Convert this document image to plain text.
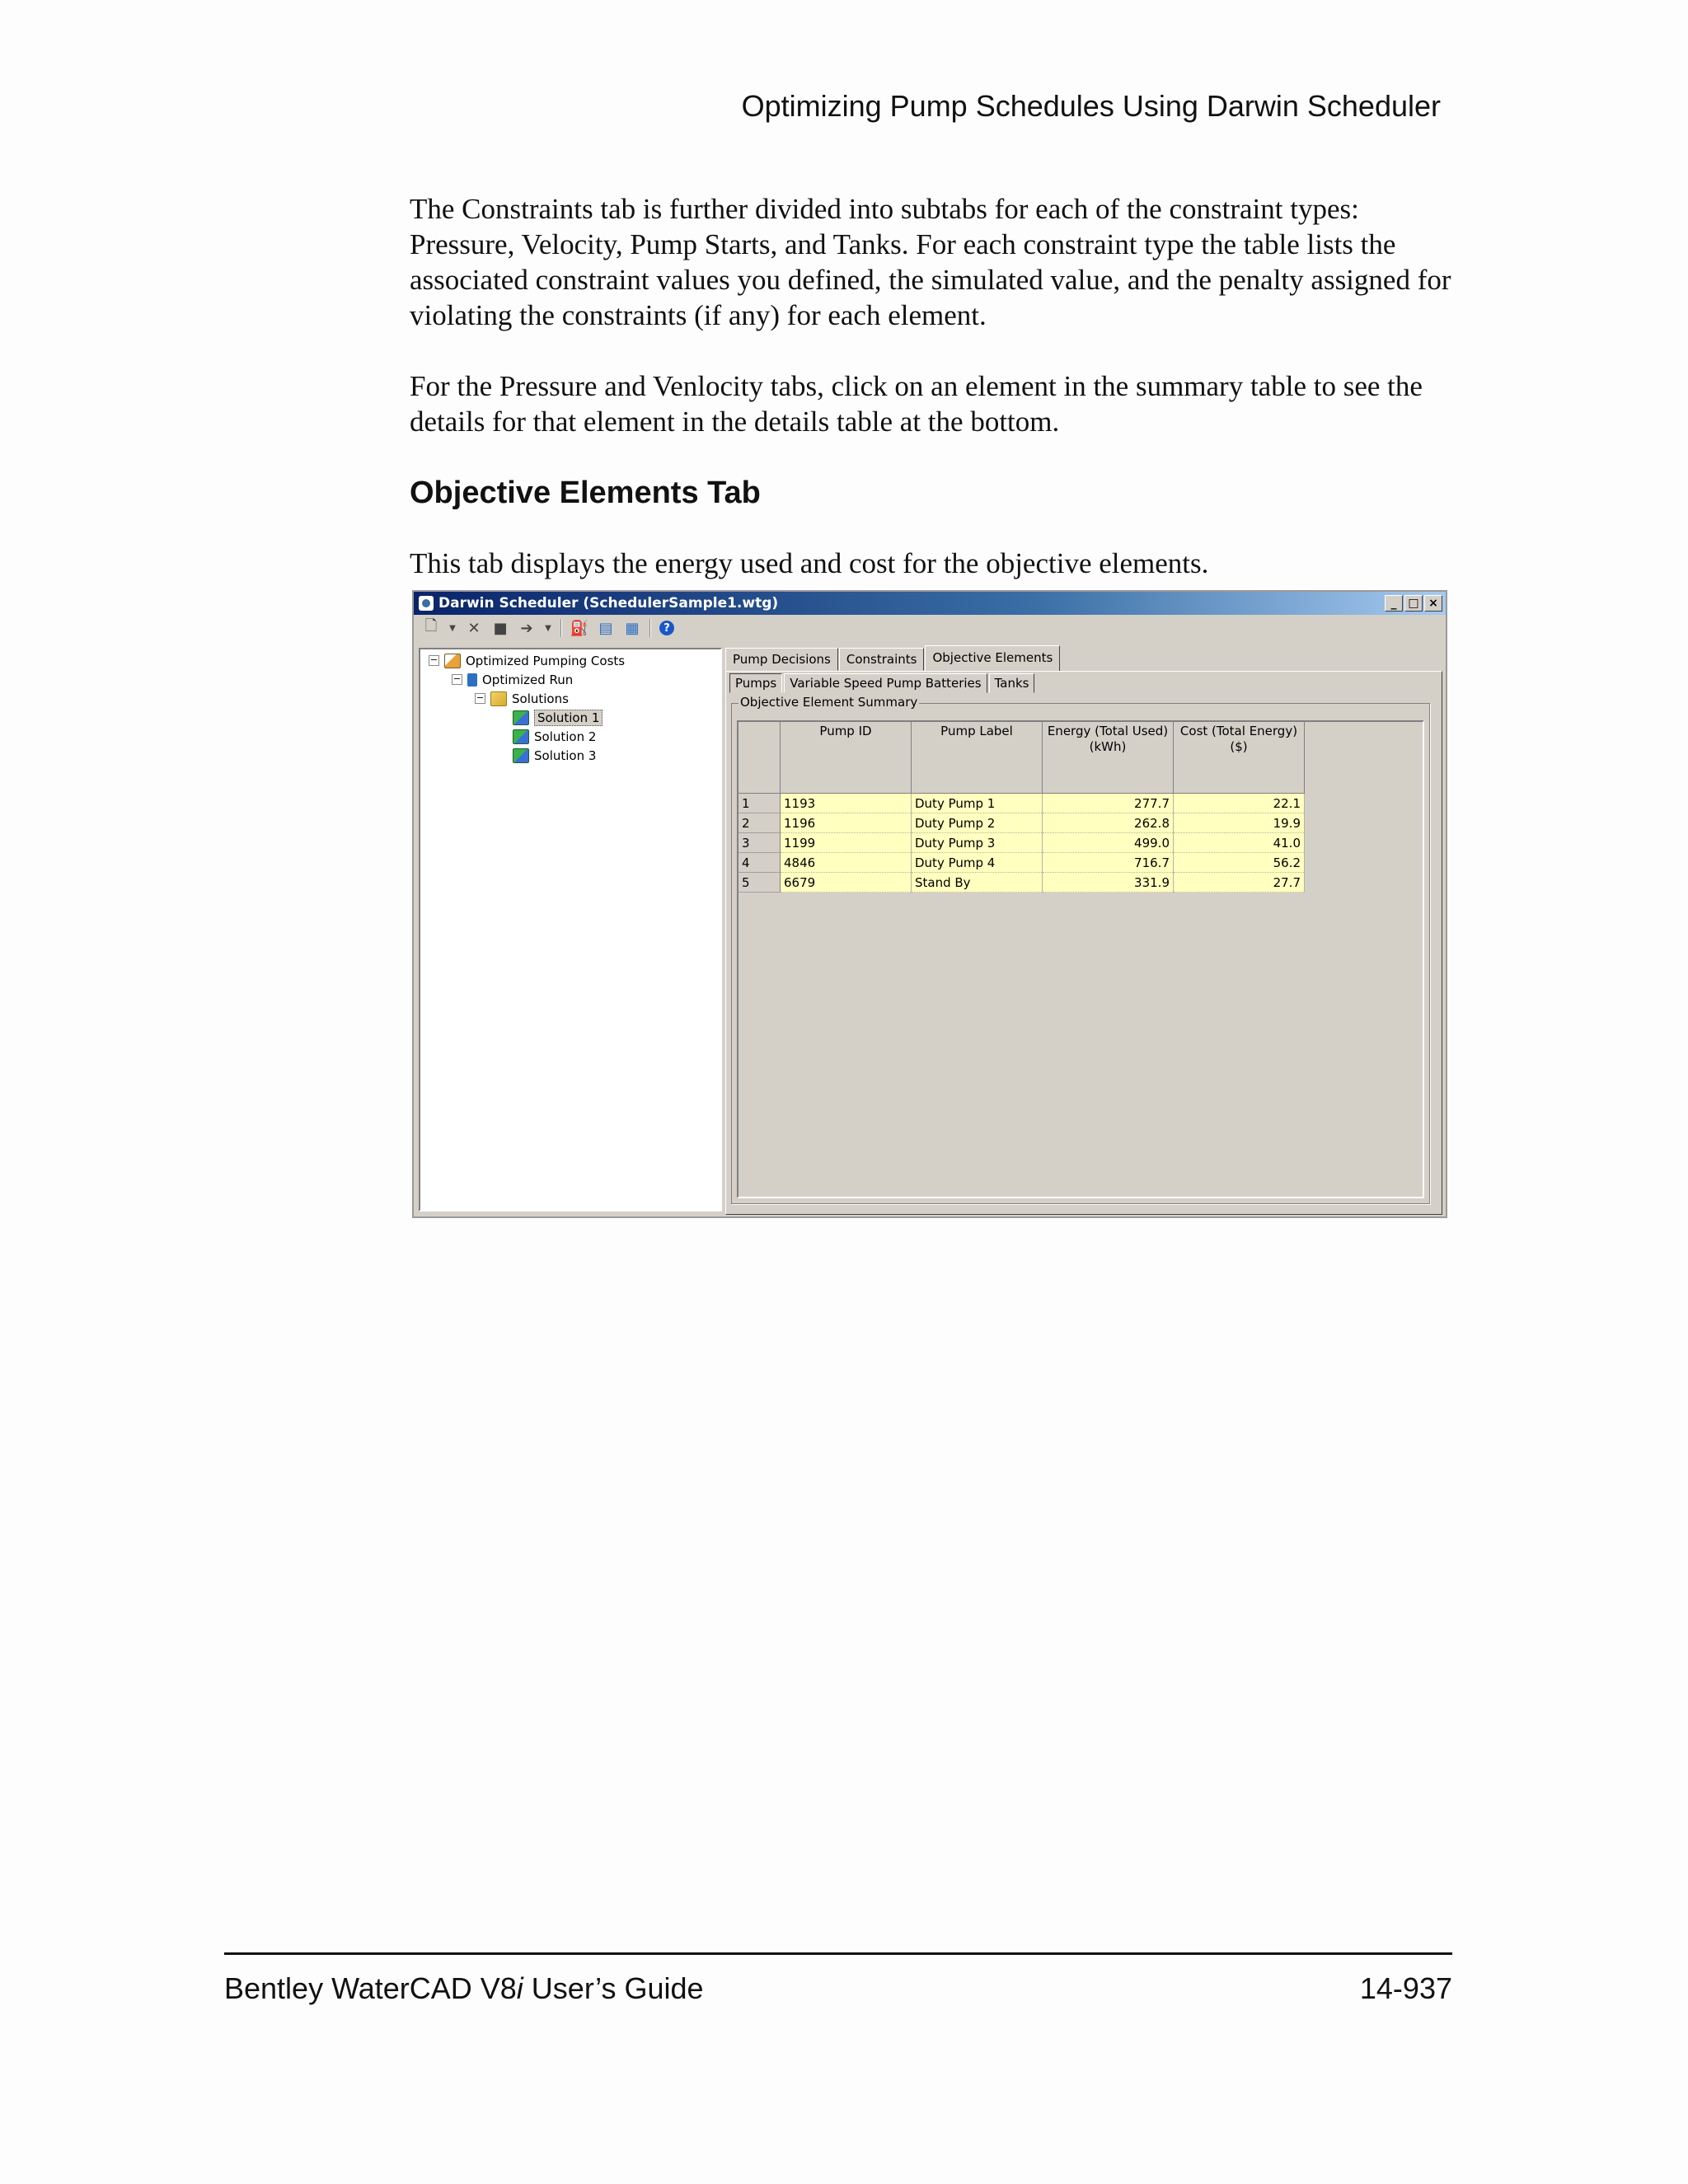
Optimizing Pump Schedules Using Darwin Scheduler

The Constraints tab is further divided into subtabs for each of the constraint types: Pressure, Velocity, Pump Starts, and Tanks. For each constraint type the table lists the associated constraint values you defined, the simulated value, and the penalty assigned for violating the constraints (if any) for each element.

For the Pressure and Venlocity tabs, click on an element in the summary table to see the details for that element in the details table at the bottom.

Objective Elements Tab

This tab displays the energy used and cost for the objective elements.

Darwin Scheduler (SchedulerSample1.wtg)	_ □ ×
🗋	▼ ✕ ■ ➔	▼ ⛽ ▤ ▦	?
− Optimized Pumping Costs
− Optimized Run
− Solutions
Solution 1
Solution 2
Solution 3
Pump Decisions	Constraints	Objective Elements
Pumps	Variable Speed Pump Batteries	Tanks
Objective Element Summary
	Pump ID	Pump Label	Energy (Total Used)
(kWh)	Cost (Total Energy)
($)
1	1193	Duty Pump 1	277.7	22.1
2	1196	Duty Pump 2	262.8	19.9
3	1199	Duty Pump 3	499.0	41.0
4	4846	Duty Pump 4	716.7	56.2
5	6679	Stand By	331.9	27.7
Bentley WaterCAD V8i User’s Guide	14-937
